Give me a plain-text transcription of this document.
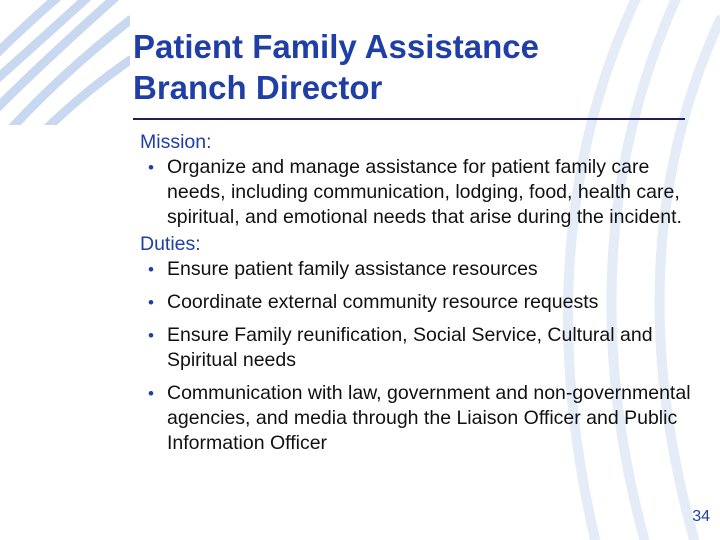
Patient Family Assistance
Branch Director
Mission:
• Organize and manage assistance for patient family care needs, including communication, lodging, food, health care, spiritual, and emotional needs that arise during the incident.
Duties:
• Ensure patient family assistance resources
• Coordinate external community resource requests
• Ensure Family reunification, Social Service, Cultural and Spiritual needs
• Communication with law, government and non-governmental agencies, and media through the Liaison Officer and Public Information Officer
34
